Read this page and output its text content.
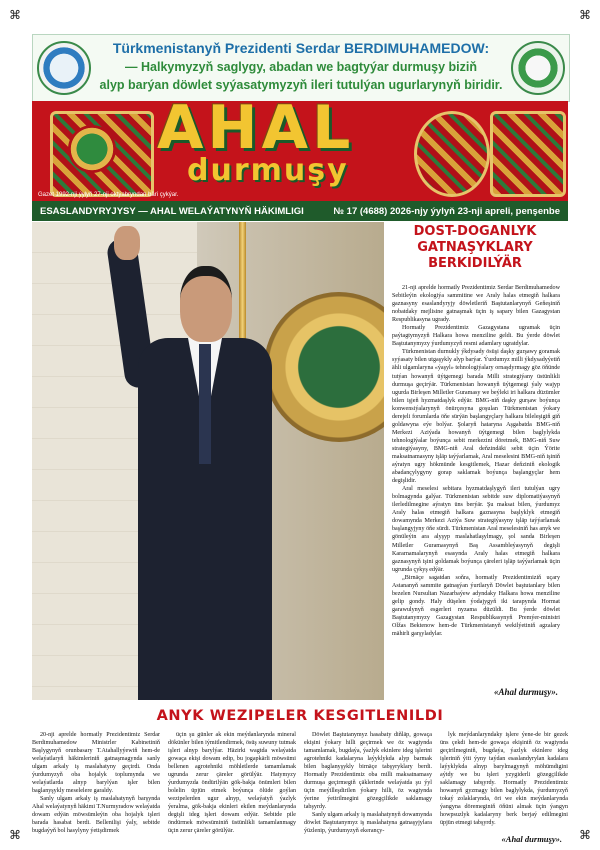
⌘	⌘
⌘	⌘
Türkmenistanyň Prezidenti Serdar BERDIMUHAMEDOW:
— Halkymyzyň saglygy, abadan we bagtyýar durmuşy biziň
alyp barýan döwlet syýasatymyzyň ileri tutulýan ugurlarynyň biridir.
AHAL
durmuşy
Gazet 1992-nji ýylyň 27-nji oktýabryndan bäri çykýar.
ESASLANDYRYJYSY — AHAL WELAÝATYNYŇ HÄKIMLIGI	№ 17 (4688) 2026-njy ýylyň 23-nji apreli, penşenbe
DOST-DOGANLYK
GATNAŞYKLARY
BERKIDILÝÄR

21-nji aprelde hormatly Prezidentimiz Serdar Berdimuhamedow Sebitleýin ekologiýa sammitine we Araly halas etmegiň halkara gaznasyny esaslandyryjy döwletleriň Baştutanlarynyň Geňeşiniň nobatdaky mejlisine gatnaşmak üçin iş sapary bilen Gazagystan Respublikasyna ugrady.

Hormatly Prezidentimiz Gazagystana ugramak üçin paýtagtymyzyň Halkara howa menziline geldi. Bu ýerde döwlet Baştutanymyzy ýurdumyzyň resmi adamlary ugratdylar.

Türkmenistan durnukly ýkdysady ösüşi daşky gurşawy goramak syýasaty bilen utgaşykly alyp barýar. Ýurdumyz milli ýkdysadyýetiň ähli ulgamlaryna «ýaşyl» tehnologiýalary ornaşdyrmagy göz öňünde tutýan howanyň üýtgemegi barada Milli strategiýany üstünlikli durmuşa geçirýär. Türkmenistan howanyň üýtgemegi ýaly wajyp ugurda Birleşen Milletler Guramasy we beýleki iri halkara düzümler bilen işjeň hyzmatdaşlyk edýär. BMG-niň daşky gurşaw boýunça konwensiýalarynyň önürçesyna goşulan Türkmenistan ýokary derejeli forumlarda öňe sürýän başlangyçlary halkara bileleşigiň giň goldawyna eýe bolýar. Şolaryň hataryna Aşgabatda BMG-niň Merkezi Aziýada howanyň üýtgemegi bilen baglylykda tehnologiýalar boýunça sebit merkezini döretmek, BMG-niň Suw strategiýasyny, BMG-niň Aral deňzindäki sebit üçin Ýörite maksatnamasyny işläp taýýarlamak, Aral meselesini BMG-niň işiniň aýratyn ugry hökmünde kesgitlemek, Hazar deňziniň ekologik abadançylygyny gorap saklamak boýunça başlangyçlar hem degişlidir.

Aral meselesi sebitara hyzmatdaşlygyň ileri tutulýan ugry bolmagynda galýar. Türkmenistan sebitde suw diplomatiýasynyň ilerledilmegine aýratyn üns berýär. Şu maksat bilen, ýurdumyz Araly halas etmegiň halkara gaznasyna başlyklyk etmegiň dowamynda Merkezi Aziýa Suw strategiýasyny işläp taýýarlamak başlangyjyny öňe sürdi. Türkmenistan Aral meselesiniň has anyk we gönüleýin ara alyşyp maslahatlaşylmagy, şol sanda Birleşen Milletler Guramasynyň Baş Assambleýasynyň degişli Kararnamalarynyň esasynda Araly halas etmegiň halkara gaznasynyň işini goldamak boýunça çäreleri işläp taýýarlamak üçin ugrunda çykyş edýär.

„Birnäçe sagatdan soňra, hormatly Prezidentimiziň uçary Astananyň sammite gatnaşýan ýurtlaryň Döwlet baştutanlary bilen bezelen Nursultan Nazarbaýew adyndaky Halkara howa menziline gelip gondy. Haly düşelen ýodajygyň iki tarapynda Hormat garawulynyň esgerleri nyzama düzüldi. Bu ýerde döwlet Baştutanymyzy Gazagystan Respublikasynyň Premýer-ministri Olžas Bektenow hem-de Türkmenistanyň wekilýetiniň agzalary mähirli garşyladylar.

«Ahal durmuşy».
ANYK WEZIPELER KESGITLENILDI

20-nji aprelde hormatly Prezidentimiz Serdar Berdimuhamedow Ministrler Kabinetiniň Başlygynyň orunbasary T.Atahallyýewiň hem-de welaýatlaryň häkimleriniň gatnaşmagynda sanly ulgam arkaly iş maslahatyny geçirdi. Onda ýurdumyzyň oba hojalyk toplumynda we welaýatlarda alnyp barylýan işler bilen baglanyşykly meselelere garaldy.

Sanly ulgam arkaly iş maslahatynyň barşynda Ahal welaýatynyň häkimi T.Nurmyradow welaýatda dowam edýän möwsümleýin oba hojalyk işleri barada hasabat berdi. Bellenilişi ýaly, sebitde bugdaýyň bol hasylyny ýetişdirmek

üçin şu günler ak ekin meýdanlarynda mineral dökünler bilen iýmitlendirmek, ösüş suwuny tutmak işleri alnyp barylýar. Häzirki wagtda welaýatda gowaça ekişi dowam edip, bu jogapkärli möwsümi bellenen agrotehniki möhletlerde tamamlamak ugrunda zerur çäreler görülýär. Hatymyzy ýurdumyzda öndürilýän gök-bakja önümleri bilen bolelin üpjün etmek boýunça ölüde goýlan wezipelerden ugur alnyp, welaýatyň ýazlyk ýeralma, gök-bakja ekinleri ekilen meýdanlarynda degişli ideg işleri dowam edýär. Sebitde pile öndürmek möwsüminiň üstünlikli tamamlanmagy üçin zerur çäreler görülýär.

Döwlet Baştutanymyz hasabaty diňläp, gowaça ekişini ýokary hilli geçirmek we öz wagtynda tamamlamak, bugdaýa, ýazlyk ekinlere ideg işlerini agrotehniki kadalaryna laýyklykda alyp barmak bilen baglanyşykly birnäçe tabşyryklary berdi. Hormatly Prezidentimiz oba milli maksatnamasy durmuşa geçirmegiň çäklerinde welaýatda şu ýyl üçin meýilleşdirilen ýokary hilli, öz wagtynda ýerine ýetirilmegini gözegçilikde saklamagy tabşyrdy.

Sanly ulgam arkaly iş maslahatynyň dowamynda döwlet Baştutanymyz iş maslahatyna gatnaşyjylara ýüzlenip, ýurdumyzyň ekerançy-

lyk meýdanlaryndaky işlere ýene-de bir gezek üns çekdi hem-de gowaça ekişiniň öz wagtynda geçirilmeginiň, bugdaýa, ýazlyk ekinlere ideg işleriniň ýiti ýyny taýdan esaslandyrylan kadalara laýyklykda alnyp barylmagynyň möhümdigini aýtdy we bu işleri yzygiderli gözegçilikde saklamagy tabşyrdy. Hormatly Prezidentimiz howanyň gyzmagy bilen baglylykda, ýurdumyzyň tokaý zolaklarynda, öri we ekin meýdanlarynda ýangyna döremeginiň öňüni almak üçin ýangyn howpsuzlyk kadalaryny berk berjaý edilmegini üpjün etmegi tabşyrdy.

«Ahal durmuşy».
